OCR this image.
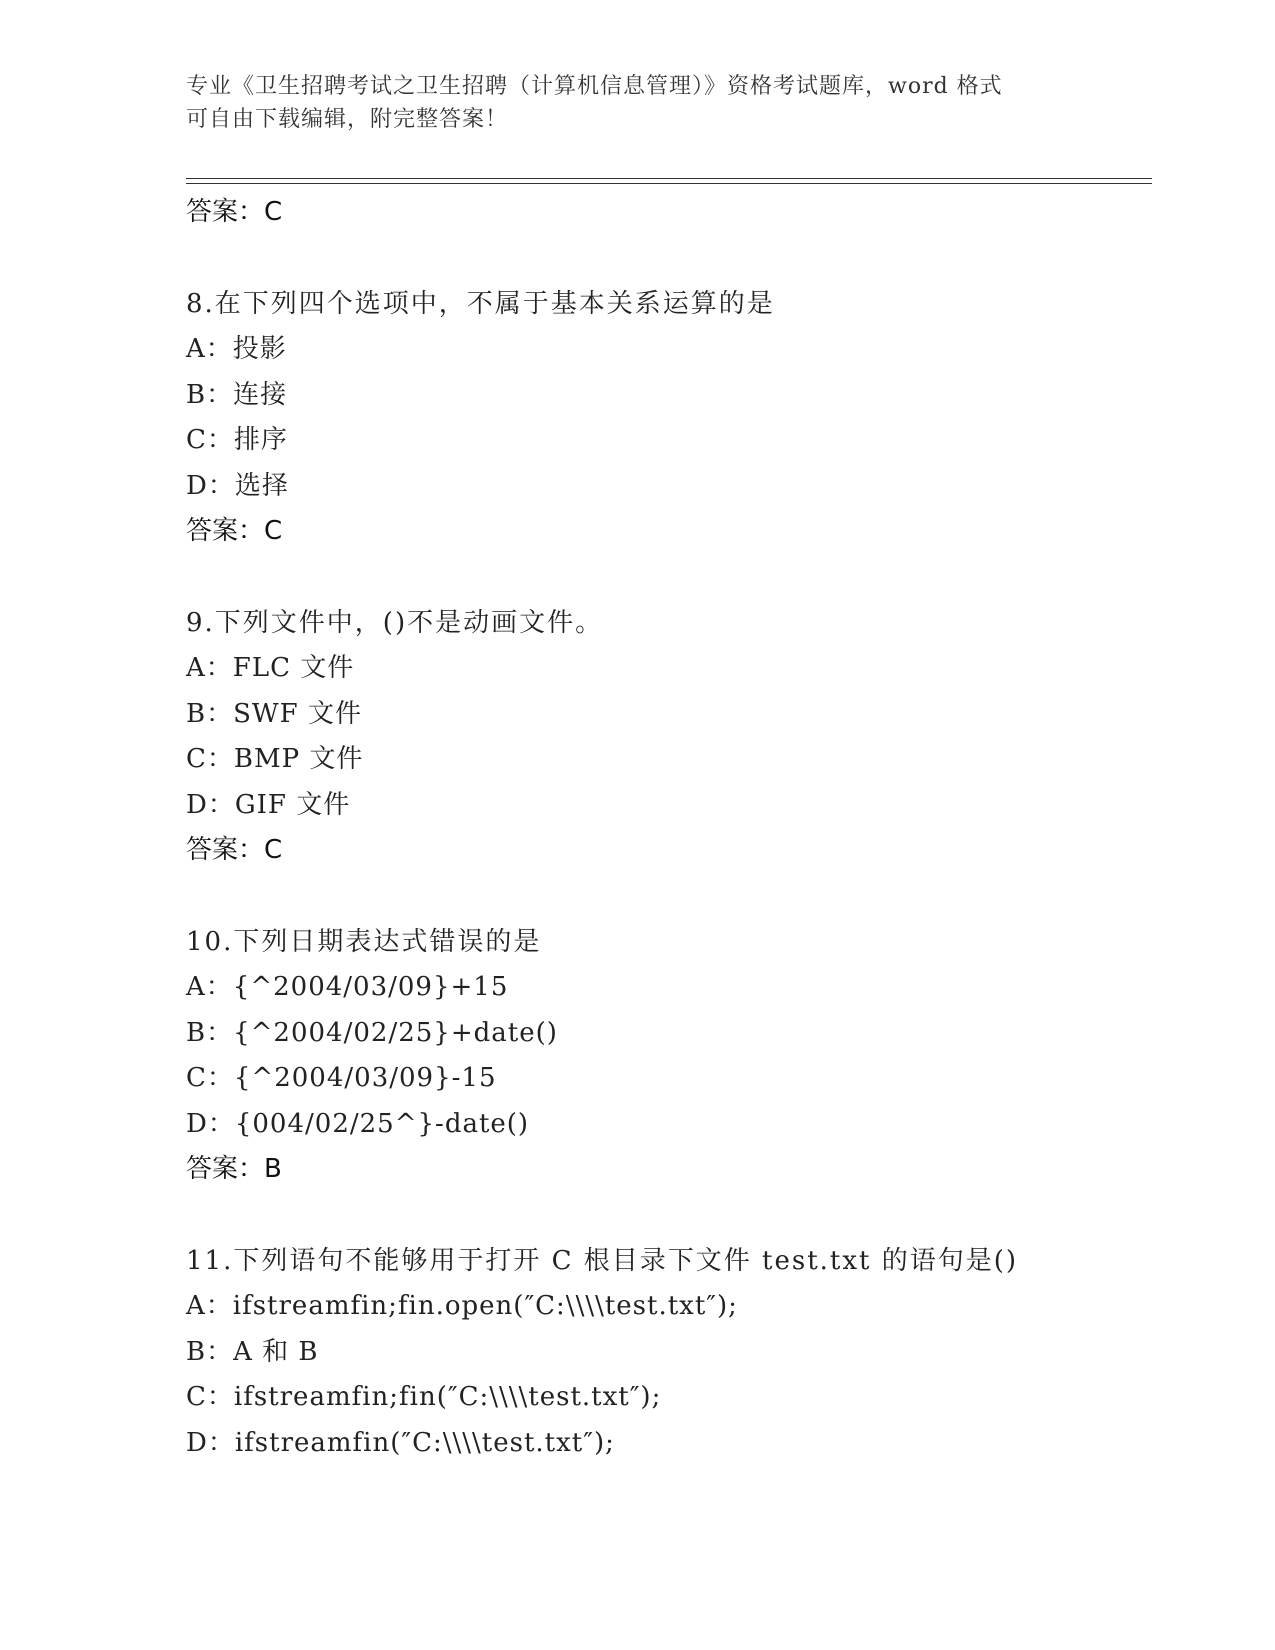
专业《卫生招聘考试之卫生招聘（计算机信息管理）》资格考试题库，word 格式
可自由下载编辑，附完整答案！
答案：C
8.在下列四个选项中，不属于基本关系运算的是
A：投影
B：连接
C：排序
D：选择
答案：C
9.下列文件中，()不是动画文件。
A：FLC 文件
B：SWF 文件
C：BMP 文件
D：GIF 文件
答案：C
10.下列日期表达式错误的是
A：{^2004/03/09}+15
B：{^2004/02/25}+date()
C：{^2004/03/09}-15
D：{004/02/25^}-date()
答案：B
11.下列语句不能够用于打开 C 根目录下文件 test.txt 的语句是()
A：ifstreamfin;fin.open(″C:\\\\test.txt″);
B：A 和 B
C：ifstreamfin;fin(″C:\\\\test.txt″);
D：ifstreamfin(″C:\\\\test.txt″);
